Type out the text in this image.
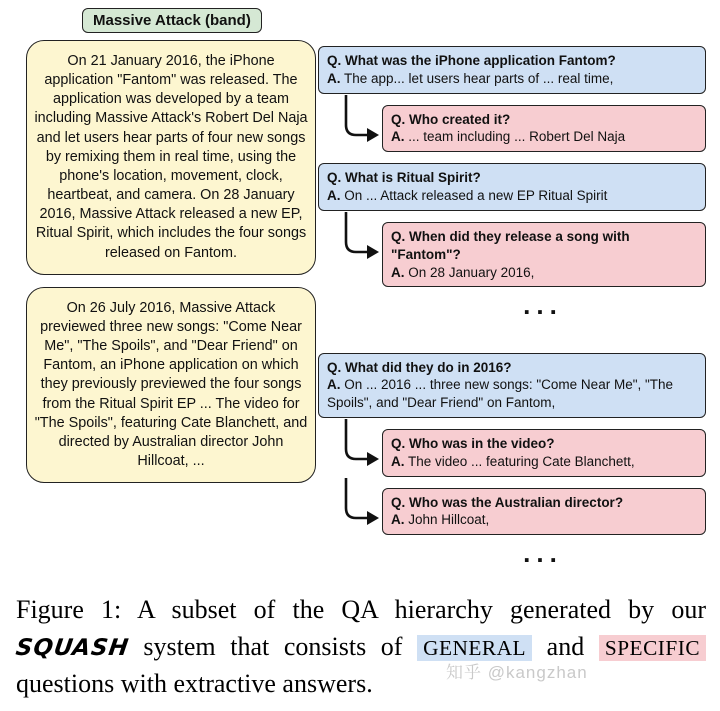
Massive Attack (band)
On 21 January 2016, the iPhone application "Fantom" was released. The application was developed by a team including Massive Attack's Robert Del Naja and let users hear parts of four new songs by remixing them in real time, using the phone's location, movement, clock, heartbeat, and camera. On 28 January 2016, Massive Attack released a new EP, Ritual Spirit, which includes the four songs released on Fantom.
On 26 July 2016, Massive Attack previewed three new songs: "Come Near Me", "The Spoils", and "Dear Friend" on Fantom, an iPhone application on which they previously previewed the four songs from the Ritual Spirit EP ... The video for "The Spoils", featuring Cate Blanchett, and directed by Australian director John Hillcoat, ...
Q. What was the iPhone application Fantom?
A. The app... let users hear parts of ... real time,
Q. Who created it?
A. ... team including ... Robert Del Naja
Q. What is Ritual Spirit?
A. On ... Attack released a new EP Ritual Spirit
Q. When did they release a song with "Fantom"?
A. On 28 January 2016,
...
Q. What did they do in 2016?
A. On ... 2016 ... three new songs: "Come Near Me", "The Spoils", and "Dear Friend" on Fantom,
Q. Who was in the video?
A. The video ... featuring Cate Blanchett,
Q. Who was the Australian director?
A. John Hillcoat,
...
Figure 1: A subset of the QA hierarchy generated by our SQUASH system that consists of GENERAL and SPECIFIC questions with extractive answers.	知乎 @kangzhan
